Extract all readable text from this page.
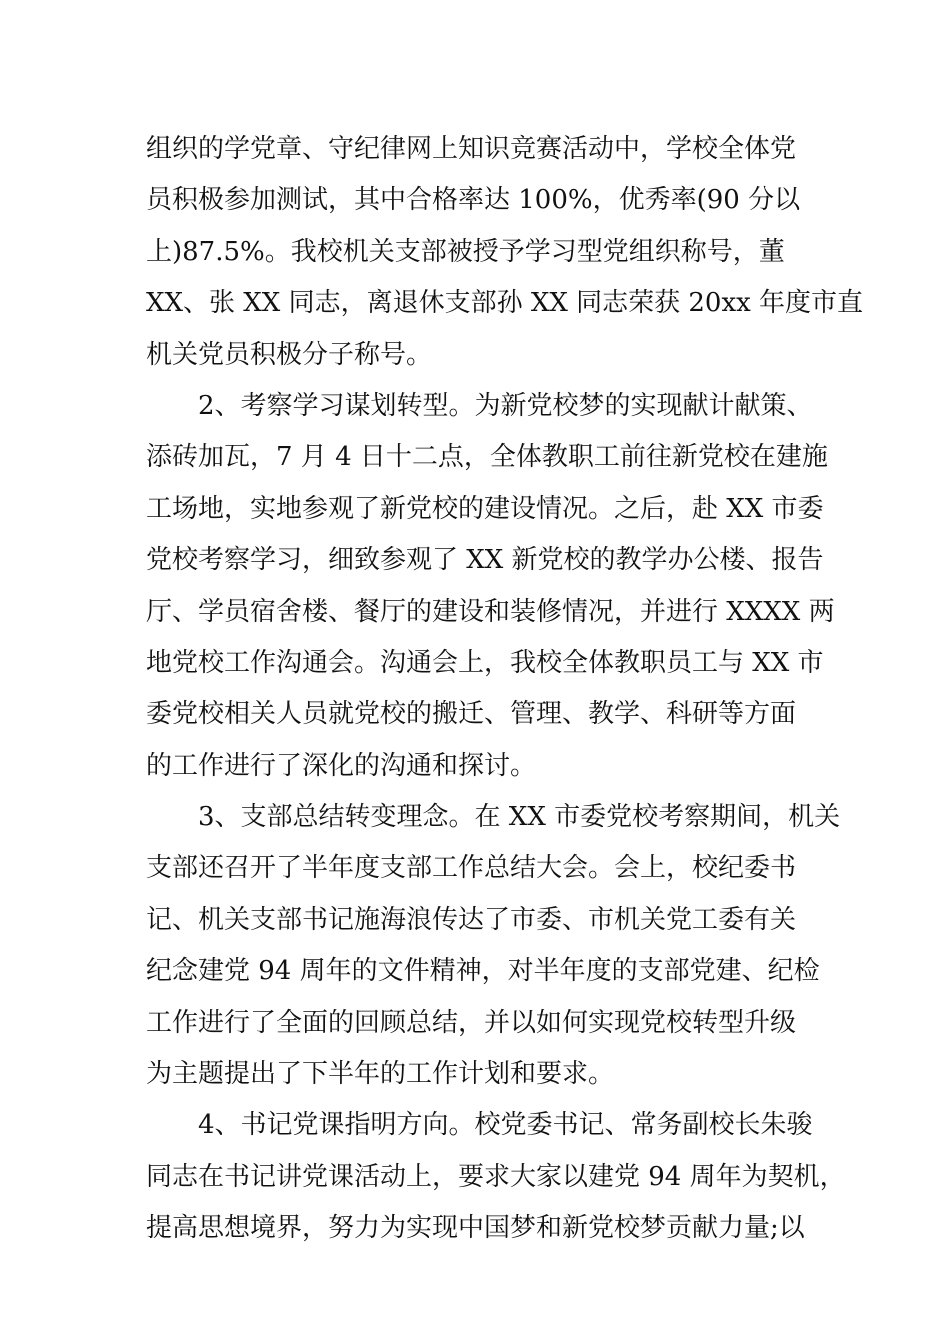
组织的学党章、守纪律网上知识竞赛活动中，学校全体党
员积极参加测试，其中合格率达 100%，优秀率(90 分以
上)87.5%。我校机关支部被授予学习型党组织称号，董
XX、张 XX 同志，离退休支部孙 XX 同志荣获 20xx 年度市直
机关党员积极分子称号。
2、考察学习谋划转型。为新党校梦的实现献计献策、
添砖加瓦，7 月 4 日十二点，全体教职工前往新党校在建施
工场地，实地参观了新党校的建设情况。之后，赴 XX 市委
党校考察学习，细致参观了 XX 新党校的教学办公楼、报告
厅、学员宿舍楼、餐厅的建设和装修情况，并进行 XXXX 两
地党校工作沟通会。沟通会上，我校全体教职员工与 XX 市
委党校相关人员就党校的搬迁、管理、教学、科研等方面
的工作进行了深化的沟通和探讨。
3、支部总结转变理念。在 XX 市委党校考察期间，机关
支部还召开了半年度支部工作总结大会。会上，校纪委书
记、机关支部书记施海浪传达了市委、市机关党工委有关
纪念建党 94 周年的文件精神，对半年度的支部党建、纪检
工作进行了全面的回顾总结，并以如何实现党校转型升级
为主题提出了下半年的工作计划和要求。
4、书记党课指明方向。校党委书记、常务副校长朱骏
同志在书记讲党课活动上，要求大家以建党 94 周年为契机，
提高思想境界，努力为实现中国梦和新党校梦贡献力量;以
